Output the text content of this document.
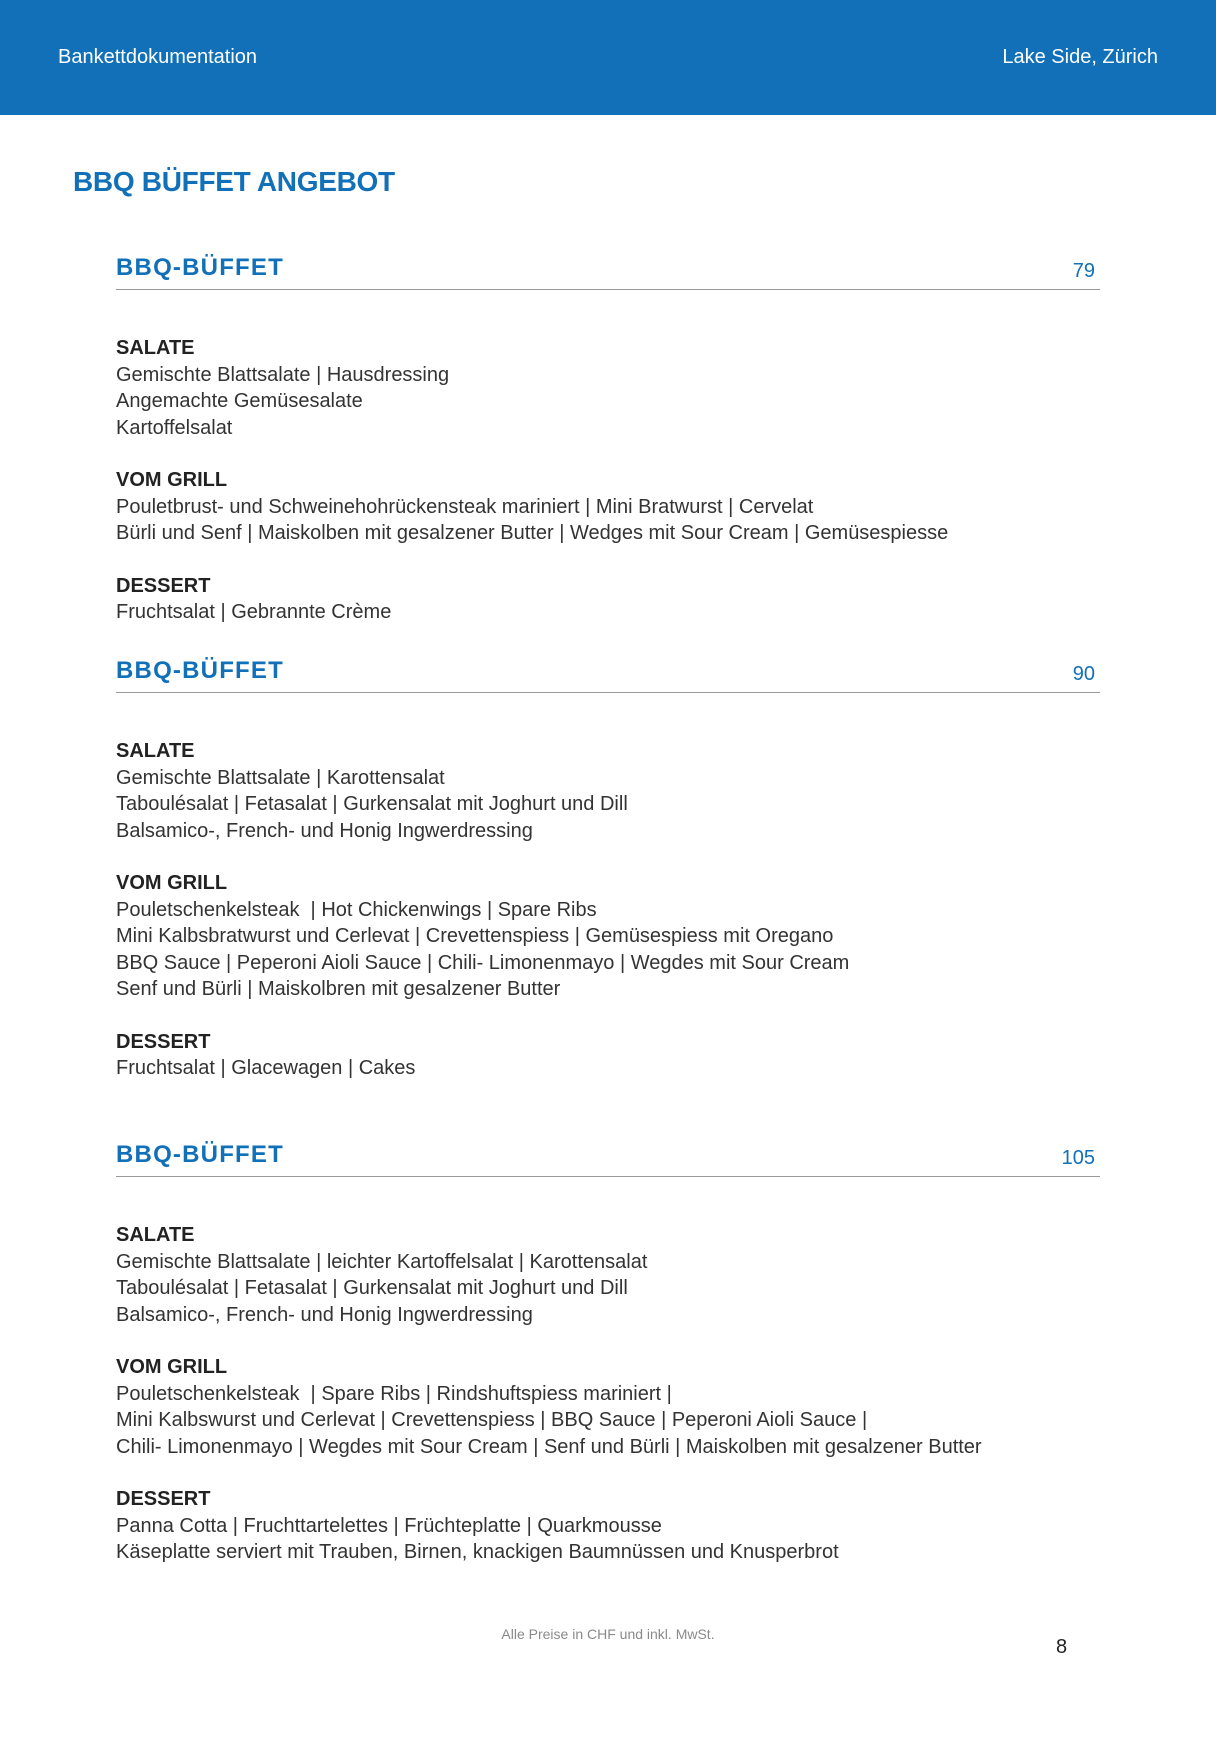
Bankettdokumentation	Lake Side, Zürich
BBQ BÜFFET ANGEBOT
BBQ-BÜFFET	79
SALATE
Gemischte Blattsalate | Hausdressing
Angemachte Gemüsesalate
Kartoffelsalat
VOM GRILL
Pouletbrust- und Schweinehohrückensteak mariniert | Mini Bratwurst | Cervelat
Bürli und Senf | Maiskolben mit gesalzener Butter | Wedges mit Sour Cream | Gemüsespiesse
DESSERT
Fruchtsalat | Gebrannte Crème
BBQ-BÜFFET	90
SALATE
Gemischte Blattsalate | Karottensalat
Taboulésalat | Fetasalat | Gurkensalat mit Joghurt und Dill
Balsamico-, French- und Honig Ingwerdressing
VOM GRILL
Pouletschenkelsteak  | Hot Chickenwings | Spare Ribs
Mini Kalbsbratwurst und Cerlevat | Crevettenspiess | Gemüsespiess mit Oregano
BBQ Sauce | Peperoni Aioli Sauce | Chili- Limonenmayo | Wegdes mit Sour Cream
Senf und Bürli | Maiskolbren mit gesalzener Butter
DESSERT
Fruchtsalat | Glacewagen | Cakes
BBQ-BÜFFET	105
SALATE
Gemischte Blattsalate | leichter Kartoffelsalat | Karottensalat
Taboulésalat | Fetasalat | Gurkensalat mit Joghurt und Dill
Balsamico-, French- und Honig Ingwerdressing
VOM GRILL
Pouletschenkelsteak  | Spare Ribs | Rindshuftspiess mariniert |
Mini Kalbswurst und Cerlevat | Crevettenspiess | BBQ Sauce | Peperoni Aioli Sauce |
Chili- Limonenmayo | Wegdes mit Sour Cream | Senf und Bürli | Maiskolben mit gesalzener Butter
DESSERT
Panna Cotta | Fruchttartelettes | Früchteplatte | Quarkmousse
Käseplatte serviert mit Trauben, Birnen, knackigen Baumnüssen und Knusperbrot
Alle Preise in CHF und inkl. MwSt.
8
